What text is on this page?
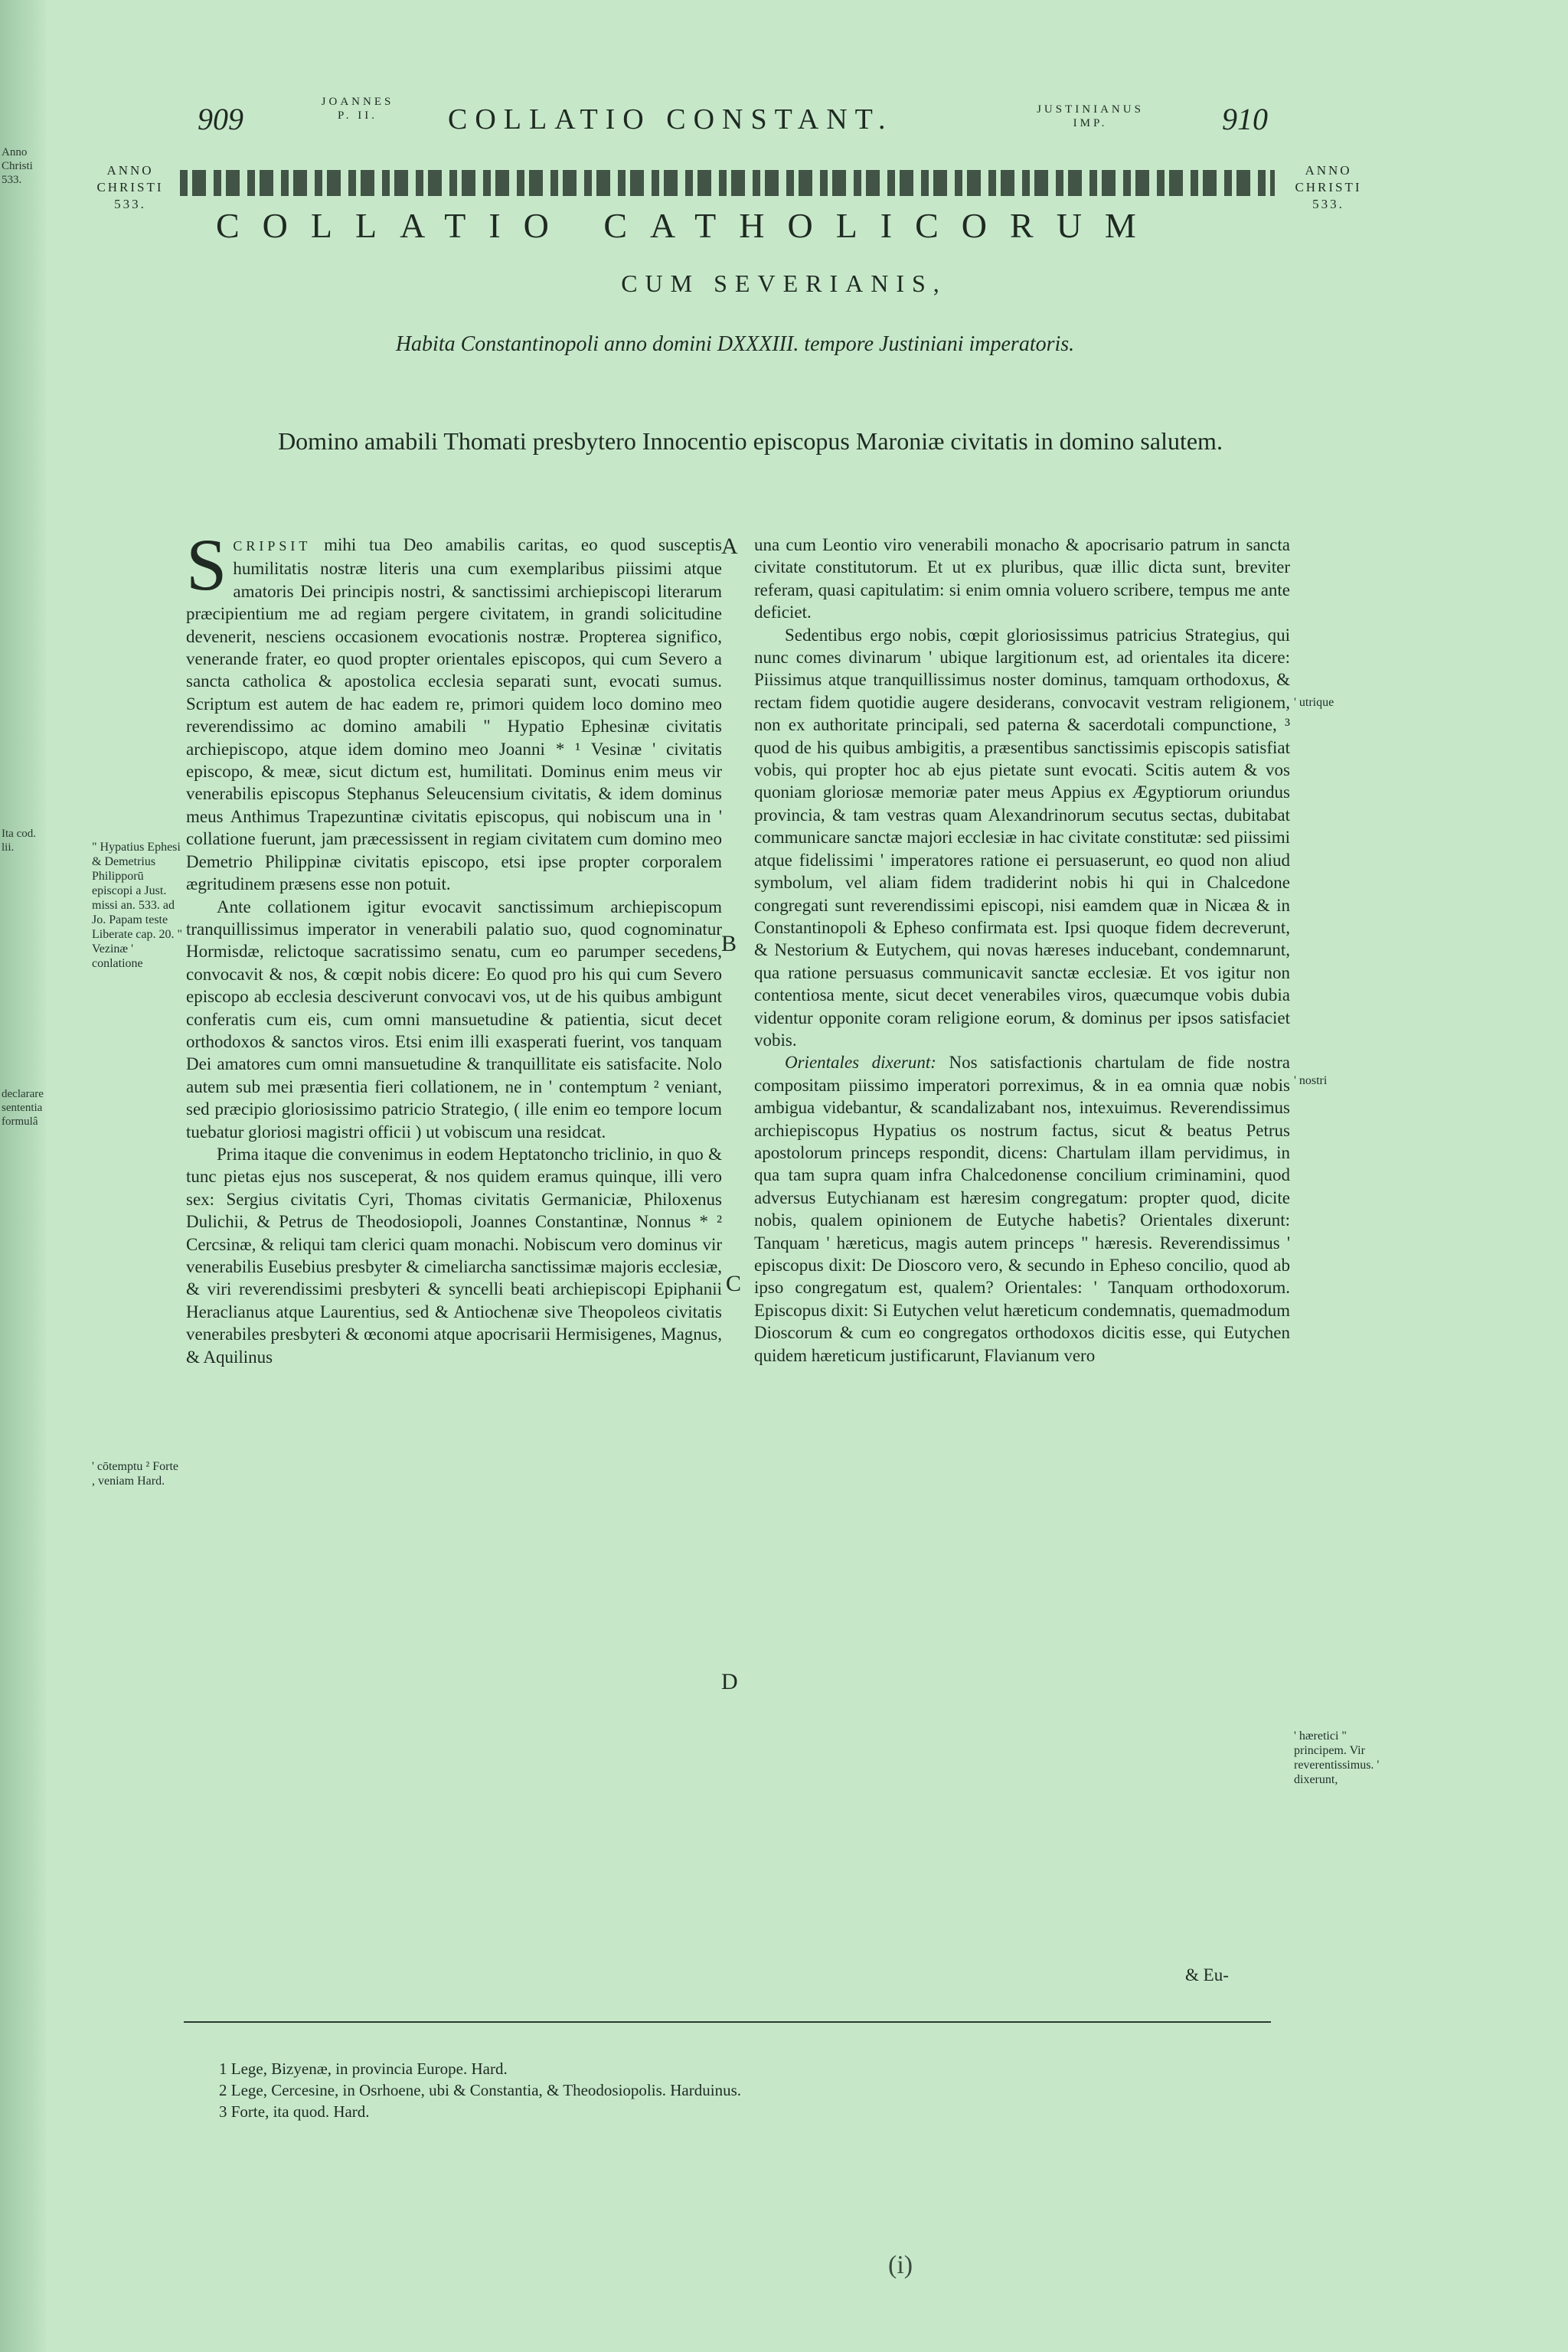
Anno Christi 533.
Ita cod. lii.
declarare sententia formulâ
909	JOANNES
P. II.	COLLATIO CONSTANT.	JUSTINIANUS
IMP.	910
ANNO
CHRISTI
533.
ANNO
CHRISTI
533.
COLLATIO CATHOLICORUM
CUM SEVERIANIS,
Habita Constantinopoli anno domini DXXXIII. tempore Justiniani imperatoris.
Domino amabili Thomati presbytero Innocentio episcopus Maroniæ civitatis in domino salutem.

S CRIPSIT mihi tua Deo amabilis caritas, eo quod susceptis humilitatis nostræ literis una cum exemplaribus piissimi atque amatoris Dei principis nostri, & sanctissimi archiepiscopi literarum præcipientium me ad regiam pergere civitatem, in grandi solicitudine devenerit, nesciens occasionem evocationis nostræ. Propterea significo, venerande frater, eo quod propter orientales episcopos, qui cum Severo a sancta catholica & apostolica ecclesia separati sunt, evocati sumus. Scriptum est autem de hac eadem re, primori quidem loco domino meo reverendissimo ac domino amabili " Hypatio Ephesinæ civitatis archiepiscopo, atque idem domino meo Joanni * ¹ Vesinæ ' civitatis episcopo, & meæ, sicut dictum est, humilitati. Dominus enim meus vir venerabilis episcopus Stephanus Seleucensium civitatis, & idem dominus meus Anthimus Trapezuntinæ civitatis episcopus, qui nobiscum una in ' collatione fuerunt, jam præcessissent in regiam civitatem cum domino meo Demetrio Philippinæ civitatis episcopo, etsi ipse propter corporalem ægritudinem præsens esse non potuit.

Ante collationem igitur evocavit sanctissimum archiepiscopum tranquillissimus imperator in venerabili palatio suo, quod cognominatur Hormisdæ, relictoque sacratissimo senatu, cum eo parumper secedens, convocavit & nos, & cœpit nobis dicere: Eo quod pro his qui cum Severo episcopo ab ecclesia desciverunt convocavi vos, ut de his quibus ambigunt conferatis cum eis, cum omni mansuetudine & patientia, sicut decet orthodoxos & sanctos viros. Etsi enim illi exasperati fuerint, vos tanquam Dei amatores cum omni mansuetudine & tranquillitate eis satisfacite. Nolo autem sub mei præsentia fieri collationem, ne in ' contemptum ² veniant, sed præcipio gloriosissimo patricio Strategio, ( ille enim eo tempore locum tuebatur gloriosi magistri officii ) ut vobiscum una residcat.

Prima itaque die convenimus in eodem Heptatoncho triclinio, in quo & tunc pietas ejus nos susceperat, & nos quidem eramus quinque, illi vero sex: Sergius civitatis Cyri, Thomas civitatis Germaniciæ, Philoxenus Dulichii, & Petrus de Theodosiopoli, Joannes Constantinæ, Nonnus * ² Cercsinæ, & reliqui tam clerici quam monachi. Nobiscum vero dominus vir venerabilis Eusebius presbyter & cimeliarcha sanctissimæ majoris ecclesiæ, & viri reverendissimi presbyteri & syncelli beati archiepiscopi Epiphanii Heraclianus atque Laurentius, sed & Antiochenæ sive Theopoleos civitatis venerabiles presbyteri & œconomi atque apocrisarii Hermisigenes, Magnus, & Aquilinus

una cum Leontio viro venerabili monacho & apocrisario patrum in sancta civitate constitutorum. Et ut ex pluribus, quæ illic dicta sunt, breviter referam, quasi capitulatim: si enim omnia voluero scribere, tempus me ante deficiet.

Sedentibus ergo nobis, cœpit gloriosissimus patricius Strategius, qui nunc comes divinarum ' ubique largitionum est, ad orientales ita dicere: Piissimus atque tranquillissimus noster dominus, tamquam orthodoxus, & rectam fidem quotidie augere desiderans, convocavit vestram religionem, non ex authoritate principali, sed paterna & sacerdotali compunctione, ³ quod de his quibus ambigitis, a præsentibus sanctissimis episcopis satisfiat vobis, qui propter hoc ab ejus pietate sunt evocati. Scitis autem & vos quoniam gloriosæ memoriæ pater meus Appius ex Ægyptiorum oriundus provincia, & tam vestras quam Alexandrinorum secutus sectas, dubitabat communicare sanctæ majori ecclesiæ in hac civitate constitutæ: sed piissimi atque fidelissimi ' imperatores ratione ei persuaserunt, eo quod non aliud symbolum, vel aliam fidem tradiderint nobis hi qui in Chalcedone congregati sunt reverendissimi episcopi, nisi eamdem quæ in Nicæa & in Constantinopoli & Epheso confirmata est. Ipsi quoque fidem decreverunt, & Nestorium & Eutychem, qui novas hæreses inducebant, condemnarunt, qua ratione persuasus communicavit sanctæ ecclesiæ. Et vos igitur non contentiosa mente, sicut decet venerabiles viros, quæcumque vobis dubia videntur opponite coram religione eorum, & dominus per ipsos satisfaciet vobis.

Orientales dixerunt: Nos satisfactionis chartulam de fide nostra compositam piissimo imperatori porreximus, & in ea omnia quæ nobis ambigua videbantur, & scandalizabant nos, intexuimus. Reverendissimus archiepiscopus Hypatius os nostrum factus, sicut & beatus Petrus apostolorum princeps respondit, dicens: Chartulam illam pervidimus, in qua tam supra quam infra Chalcedonense concilium criminamini, quod adversus Eutychianam est hæresim congregatum: propter quod, dicite nobis, qualem opinionem de Eutyche habetis? Orientales dixerunt: Tanquam ' hæreticus, magis autem princeps " hæresis. Reverendissimus ' episcopus dixit: De Dioscoro vero, & secundo in Epheso concilio, quod ab ipso congregatum est, qualem? Orientales: ' Tanquam orthodoxorum. Episcopus dixit: Si Eutychen velut hæreticum condemnatis, quemadmodum Dioscorum & cum eo congregatos orthodoxos dicitis esse, qui Eutychen quidem hæreticum justificarunt, Flavianum vero

A
B
C
D
" Hypatius Ephesi & Demetrius Philipporū episcopi a Just. missi an. 533. ad Jo. Papam teste Liberate cap. 20. " Vezinæ ' conlatione
' cōtemptu ² Forte , veniam Hard.
' utrique
' nostri
' hæretici " principem. Vir reverentissimus. ' dixerunt,
& Eu-
1 Lege, Bizyenæ, in provincia Europe. Hard.
2 Lege, Cercesine, in Osrhoene, ubi & Constantia, & Theodosiopolis. Harduinus.
3 Forte, ita quod. Hard.
(i)
